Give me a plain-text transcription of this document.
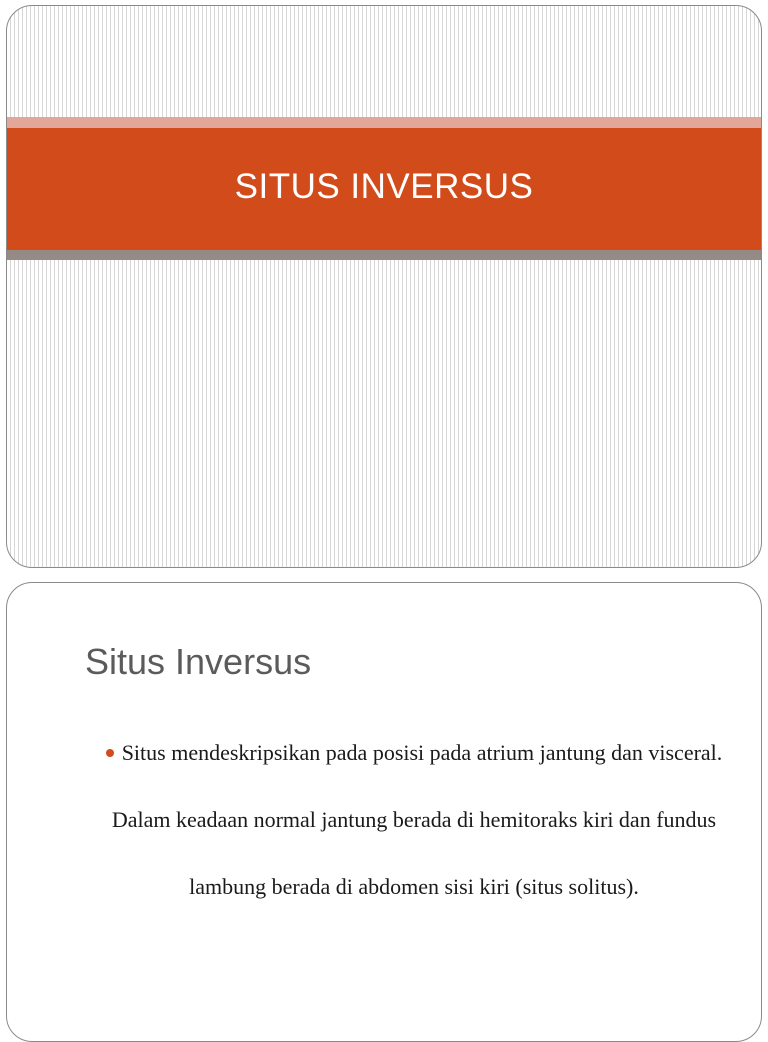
SITUS INVERSUS
Situs Inversus
Situs mendeskripsikan pada posisi pada atrium jantung dan visceral. Dalam keadaan normal jantung berada di hemitoraks kiri dan fundus lambung berada di abdomen sisi kiri (situs solitus).
